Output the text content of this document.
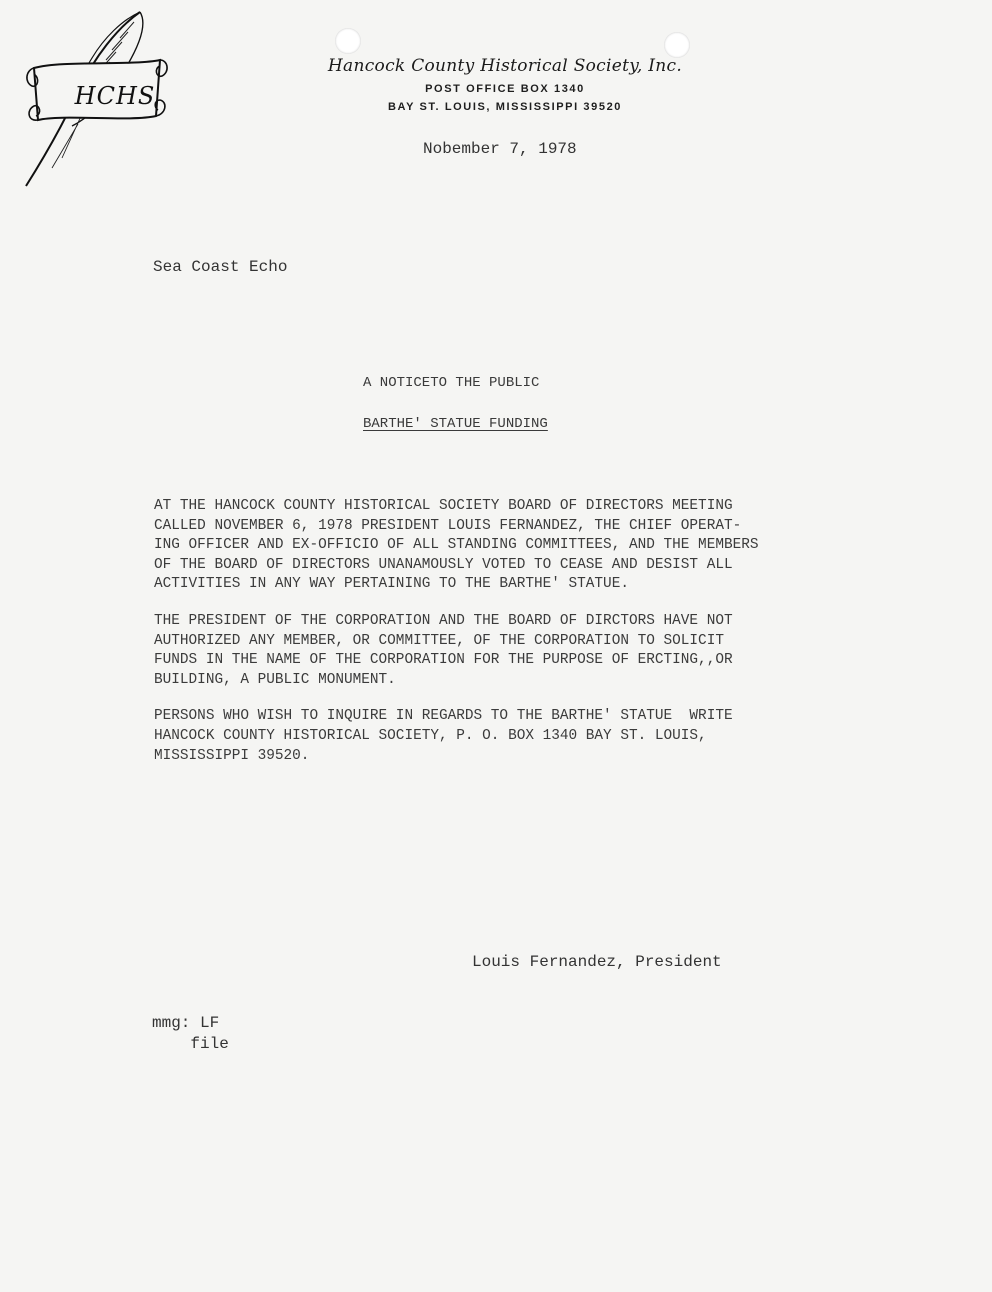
HCHS
Hancock County Historical Society, Inc.
POST OFFICE BOX 1340
BAY ST. LOUIS, MISSISSIPPI 39520
Nobember 7, 1978
Sea Coast Echo
A NOTICETO THE PUBLIC
BARTHE' STATUE FUNDING

AT THE HANCOCK COUNTY HISTORICAL SOCIETY BOARD OF DIRECTORS MEETING
CALLED NOVEMBER 6, 1978 PRESIDENT LOUIS FERNANDEZ, THE CHIEF OPERAT-
ING OFFICER AND EX-OFFICIO OF ALL STANDING COMMITTEES, AND THE MEMBERS
OF THE BOARD OF DIRECTORS UNANAMOUSLY VOTED TO CEASE AND DESIST ALL
ACTIVITIES IN ANY WAY PERTAINING TO THE BARTHE' STATUE.

THE PRESIDENT OF THE CORPORATION AND THE BOARD OF DIRCTORS HAVE NOT
AUTHORIZED ANY MEMBER, OR COMMITTEE, OF THE CORPORATION TO SOLICIT
FUNDS IN THE NAME OF THE CORPORATION FOR THE PURPOSE OF ERCTING,,OR
BUILDING, A PUBLIC MONUMENT.

PERSONS WHO WISH TO INQUIRE IN REGARDS TO THE BARTHE' STATUE  WRITE
HANCOCK COUNTY HISTORICAL SOCIETY, P. O. BOX 1340 BAY ST. LOUIS,
MISSISSIPPI 39520.

Louis Fernandez, President
mmg: LF
file
